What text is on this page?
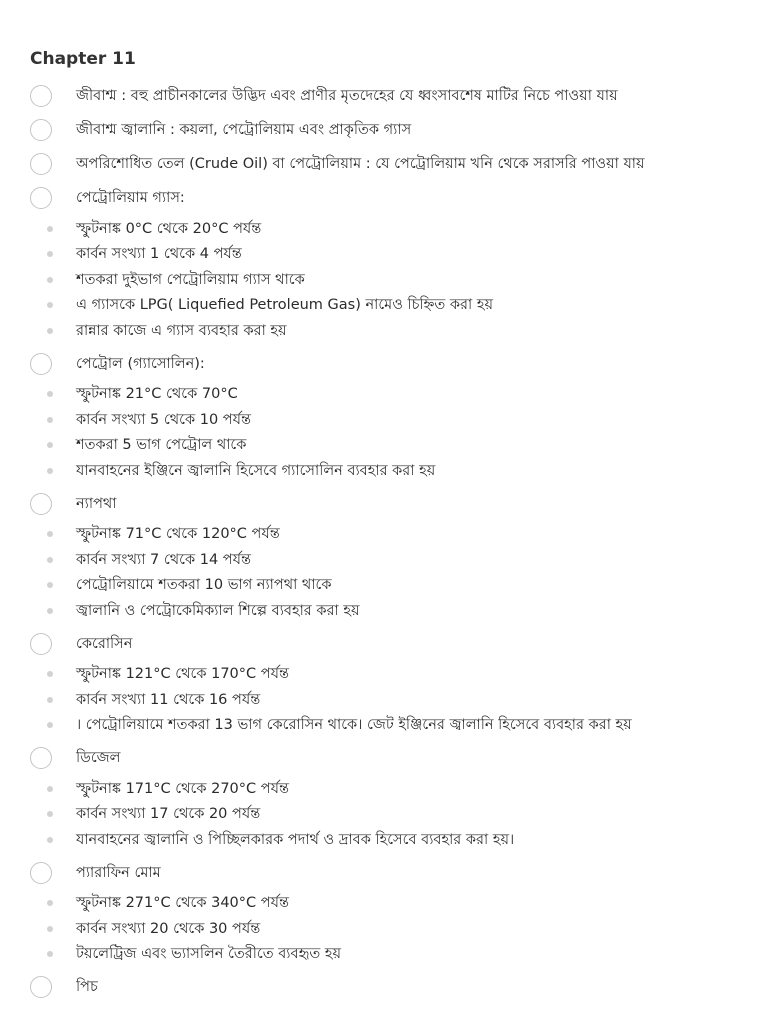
Chapter 11
জীবাশ্ম : বহু প্রাচীনকালের উদ্ভিদ এবং প্রাণীর মৃতদেহের যে ধ্বংসাবশেষ মাটির নিচে পাওয়া যায়
জীবাশ্ম জ্বালানি : কয়লা, পেট্রোলিয়াম এবং প্রাকৃতিক গ্যাস
অপরিশোধিত তেল (Crude Oil) বা পেট্রোলিয়াম : যে পেট্রোলিয়াম খনি থেকে সরাসরি পাওয়া যায়
পেট্রোলিয়াম গ্যাস:
স্ফুটনাঙ্ক 0°C থেকে 20°C পর্যন্ত
কার্বন সংখ্যা 1 থেকে 4 পর্যন্ত
শতকরা দুইভাগ পেট্রোলিয়াম গ্যাস থাকে
এ গ্যাসকে LPG( Liquefied Petroleum Gas) নামেও চিহ্নিত করা হয়
রান্নার কাজে এ গ্যাস ব্যবহার করা হয়
পেট্রোল (গ্যাসোলিন):
স্ফুটনাঙ্ক 21°C থেকে 70°C
কার্বন সংখ্যা 5 থেকে 10 পর্যন্ত
শতকরা 5 ভাগ পেট্রোল থাকে
যানবাহনের ইঞ্জিনে জ্বালানি হিসেবে গ্যাসোলিন ব্যবহার করা হয়
ন্যাপথা
স্ফুটনাঙ্ক 71°C থেকে 120°C পর্যন্ত
কার্বন সংখ্যা 7 থেকে 14 পর্যন্ত
পেট্রোলিয়ামে শতকরা 10 ভাগ ন্যাপথা থাকে
জ্বালানি ও পেট্রোকেমিক্যাল শিল্পে ব্যবহার করা হয়
কেরোসিন
স্ফুটনাঙ্ক 121°C থেকে 170°C পর্যন্ত
কার্বন সংখ্যা 11 থেকে 16 পর্যন্ত
। পেট্রোলিয়ামে শতকরা 13 ভাগ কেরোসিন থাকে। জেট ইঞ্জিনের জ্বালানি হিসেবে ব্যবহার করা হয়
ডিজেল
স্ফুটনাঙ্ক 171°C থেকে 270°C পর্যন্ত
কার্বন সংখ্যা 17 থেকে 20 পর্যন্ত
যানবাহনের জ্বালানি ও পিচ্ছিলকারক পদার্থ ও দ্রাবক হিসেবে ব্যবহার করা হয়।
প্যারাফিন মোম
স্ফুটনাঙ্ক 271°C থেকে 340°C পর্যন্ত
কার্বন সংখ্যা 20 থেকে 30 পর্যন্ত
টয়লেট্রিজ এবং ভ্যাসলিন তৈরীতে ব্যবহৃত হয়
পিচ
